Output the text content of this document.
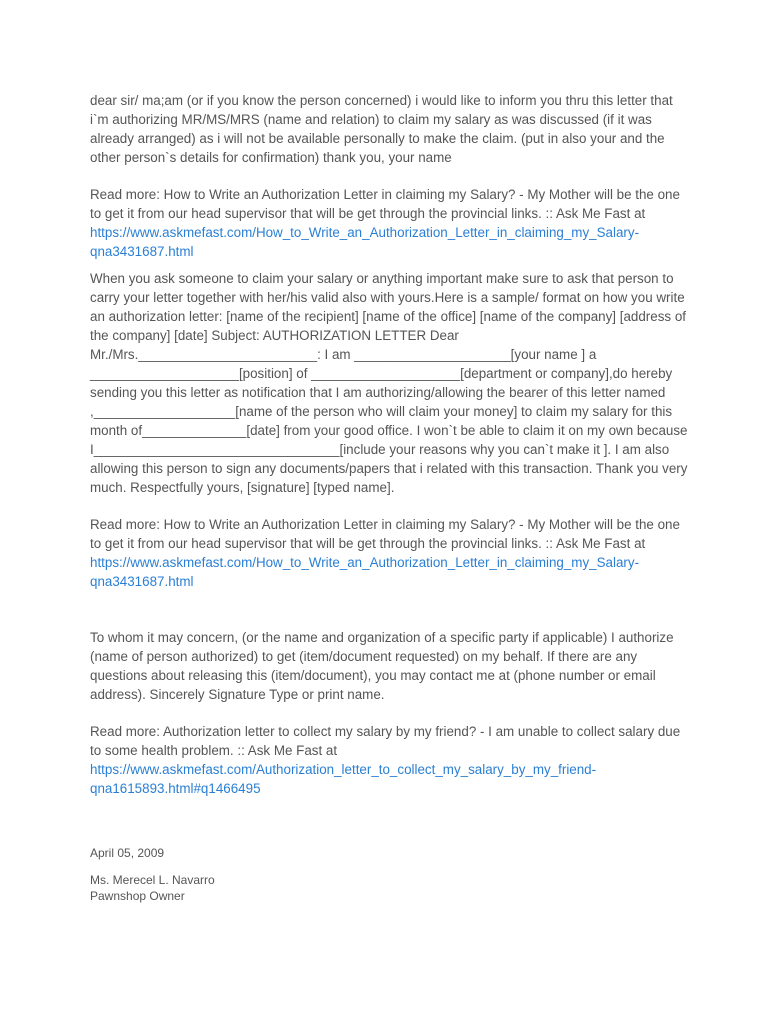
dear sir/ ma;am (or if you know the person concerned) i would like to inform you thru this letter that i`m authorizing MR/MS/MRS (name and relation) to claim my salary as was discussed (if it was already arranged) as i will not be available personally to make the claim. (put in also your and the other person`s details for confirmation) thank you, your name

Read more: How to Write an Authorization Letter in claiming my Salary? - My Mother will be the one to get it from our head supervisor that will be get through the provincial links. :: Ask Me Fast at https://www.askmefast.com/How_to_Write_an_Authorization_Letter_in_claiming_my_Salary-qna3431687.html

When you ask someone to claim your salary or anything important make sure to ask that person to carry your letter together with her/his valid also with yours.Here is a sample/ format on how you write an authorization letter: [name of the recipient] [name of the office] [name of the company] [address of the company] [date] Subject: AUTHORIZATION LETTER Dear Mr./Mrs.________________________: I am _____________________[your name ] a ____________________[position] of ____________________[department or company],do hereby sending you this letter as notification that I am authorizing/allowing the bearer of this letter named ,___________________[name of the person who will claim your money] to claim my salary for this month of______________[date] from your good office. I won`t be able to claim it on my own because I_________________________________[include your reasons why you can`t make it ]. I am also allowing this person to sign any documents/papers that i related with this transaction. Thank you very much. Respectfully yours, [signature] [typed name].

Read more: How to Write an Authorization Letter in claiming my Salary? - My Mother will be the one to get it from our head supervisor that will be get through the provincial links. :: Ask Me Fast at https://www.askmefast.com/How_to_Write_an_Authorization_Letter_in_claiming_my_Salary-qna3431687.html

To whom it may concern, (or the name and organization of a specific party if applicable) I authorize (name of person authorized) to get (item/document requested) on my behalf. If there are any questions about releasing this (item/document), you may contact me at (phone number or email address). Sincerely Signature Type or print name.

Read more: Authorization letter to collect my salary by my friend? - I am unable to collect salary due to some health problem. :: Ask Me Fast at https://www.askmefast.com/Authorization_letter_to_collect_my_salary_by_my_friend-qna1615893.html#q1466495

April 05, 2009

Ms. Merecel L. Navarro

Pawnshop Owner
